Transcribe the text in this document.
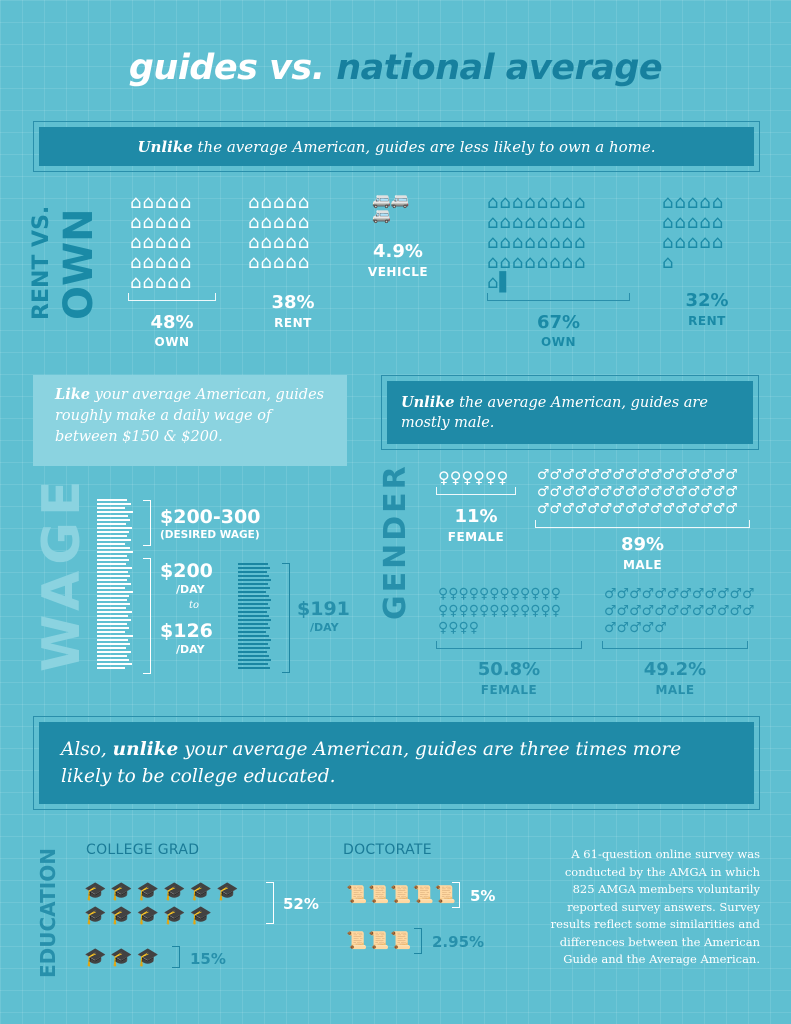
guides vs. national average
Unlike the average American, guides are less likely to own a home.
RENT VS. OWN
⌂⌂⌂⌂⌂
⌂⌂⌂⌂⌂
⌂⌂⌂⌂⌂
⌂⌂⌂⌂⌂
⌂⌂⌂⌂⌂
48%
OWN
⌂⌂⌂⌂⌂
⌂⌂⌂⌂⌂
⌂⌂⌂⌂⌂
⌂⌂⌂⌂⌂
38%
RENT
🚐🚐
🚐
4.9%
VEHICLE
⌂⌂⌂⌂⌂⌂⌂⌂
⌂⌂⌂⌂⌂⌂⌂⌂
⌂⌂⌂⌂⌂⌂⌂⌂
⌂⌂⌂⌂⌂⌂⌂⌂
⌂▌
67%
OWN
⌂⌂⌂⌂⌂
⌂⌂⌂⌂⌂
⌂⌂⌂⌂⌂
⌂
32%
RENT
Like your average American, guides roughly make a daily wage of between $150 & $200.
WAGE	$200-300
(DESIRED WAGE)
$200
/DAY
to
$126
/DAY
$191
/DAY
Unlike the average American, guides are mostly male.
GENDER ♀♀♀♀♀♀
11%
FEMALE
♂♂♂♂♂♂♂♂♂♂♂♂♂♂♂♂
♂♂♂♂♂♂♂♂♂♂♂♂♂♂♂♂
♂♂♂♂♂♂♂♂♂♂♂♂♂♂♂♂
89%
MALE
♀♀♀♀♀♀♀♀♀♀♀♀
♀♀♀♀♀♀♀♀♀♀♀♀
♀♀♀♀
50.8%
FEMALE
♂♂♂♂♂♂♂♂♂♂♂♂
♂♂♂♂♂♂♂♂♂♂♂♂
♂♂♂♂♂
49.2%
MALE
Also, unlike your average American, guides are three times more likely to be college educated.
EDUCATION COLLEGE GRAD	DOCTORATE
🎓🎓🎓🎓🎓🎓
🎓🎓🎓🎓🎓
52%
🎓🎓🎓 15%
📜📜📜📜📜 5%
📜📜📜 2.95%
A 61-question online survey was conducted by the AMGA in which 825 AMGA members voluntarily reported survey answers. Survey results reflect some similarities and differences between the American Guide and the Average American.
